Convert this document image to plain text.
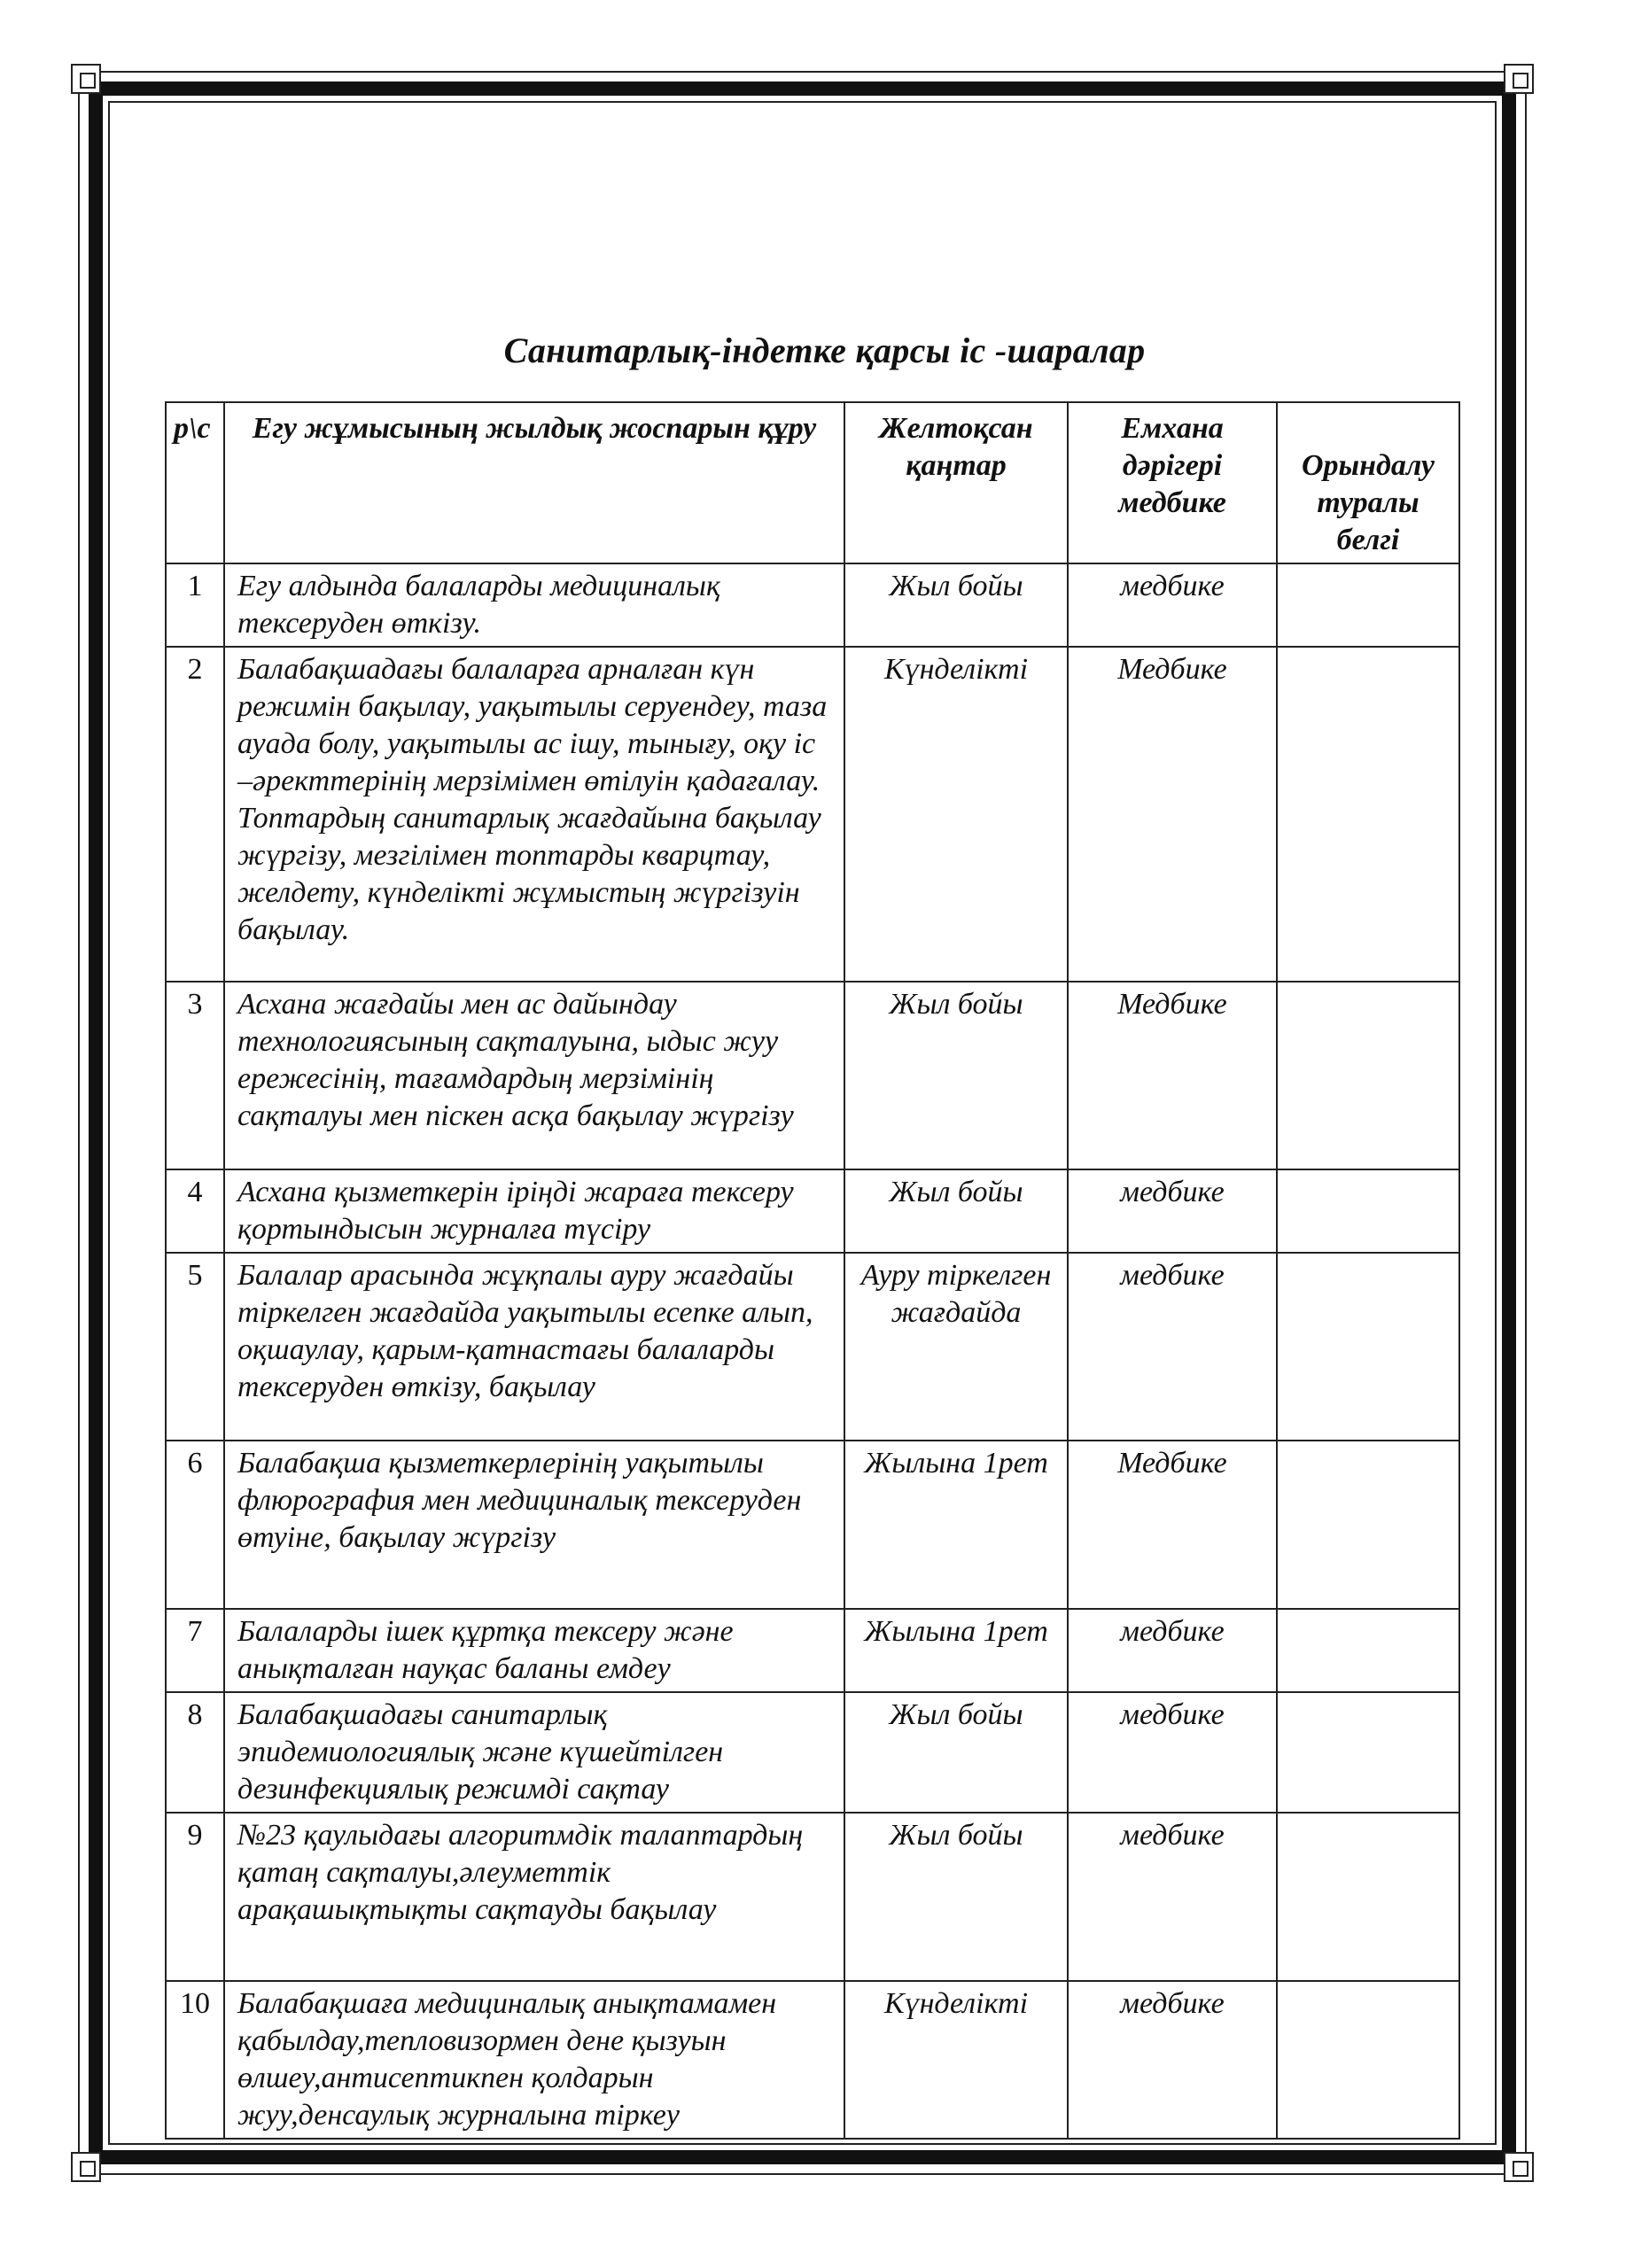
Санитарлық-індетке қарсы іс -шаралар
р\с	Егу жұмысының жылдық жоспарын құру	Желтоқсан қаңтар	Емхана дәрігері медбике	Орындалу туралы белгі
1	Егу алдында балаларды медициналық тексеруден өткізу.	Жыл бойы	медбике	
2	Балабақшадағы балаларға арналған күн режимін бақылау, уақытылы серуендеу, таза ауада болу, уақытылы ас ішу, тынығу, оқу іс –әректтерінің мерзімімен өтілуін қадағалау. Топтардың санитарлық жағдайына бақылау жүргізу, мезгілімен топтарды кварцтау, желдету, күнделікті жұмыстың жүргізуін бақылау.	Күнделікті	Медбике	
3	Асхана жағдайы мен ас дайындау технологиясының сақталуына, ыдыс жуу ережесінің, тағамдардың мерзімінің сақталуы мен піскен асқа бақылау жүргізу	Жыл бойы	Медбике	
4	Асхана қызметкерін іріңді жараға тексеру қортындысын журналға түсіру	Жыл бойы	медбике	
5	Балалар арасында жұқпалы ауру жағдайы тіркелген жағдайда уақытылы есепке алып, оқшаулау, қарым-қатнастағы балаларды тексеруден өткізу, бақылау	Ауру тіркелген жағдайда	медбике	
6	Балабақша қызметкерлерінің уақытылы флюрография мен медициналық тексеруден өтуіне, бақылау жүргізу	Жылына 1рет	Медбике	
7	Балаларды ішек құртқа тексеру және анықталған науқас баланы емдеу	Жылына 1рет	медбике	
8	Балабақшадағы санитарлық эпидемиологиялық және күшейтілген дезинфекциялық режимді сақтау	Жыл бойы	медбике	
9	№23 қаулыдағы алгоритмдік талаптардың қатаң сақталуы,әлеуметтік арақашықтықты сақтауды бақылау	Жыл бойы	медбике	
10	Балабақшаға медициналық анықтамамен қабылдау,тепловизормен дене қызуын өлшеу,антисептикпен қолдарын жуу,денсаулық журналына тіркеу	Күнделікті	медбике	
